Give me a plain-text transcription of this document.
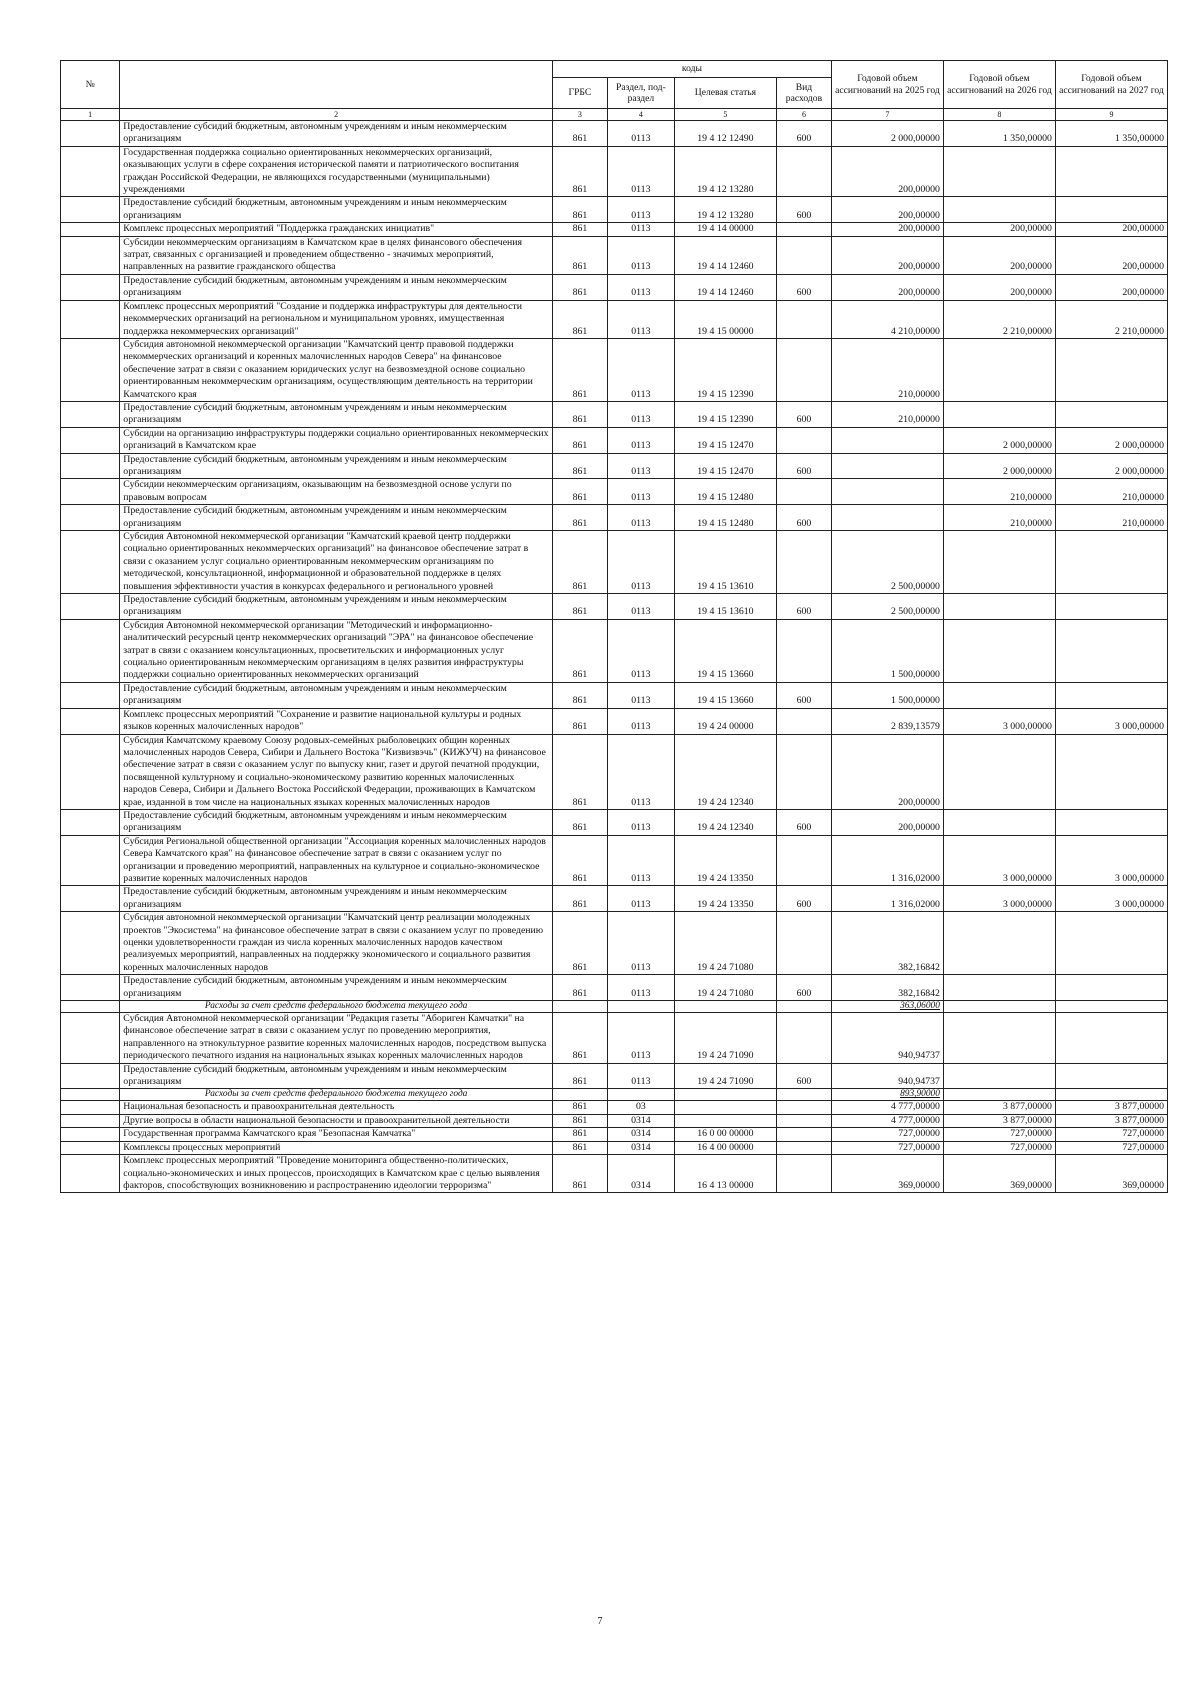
№		коды				Годовой объем ассигнований на 2025 год	Годовой объем ассигнований на 2026 год	Годовой объем ассигнований на 2027 год
		ГРБС	Раздел, под-раздел	Целевая статья	Вид расходов			
1	2	3	4	5	6	7	8	9
	Предоставление субсидий бюджетным, автономным учреждениям и иным некоммерческим организациям	861	0113	19 4 12 12490	600	2 000,00000	1 350,00000	1 350,00000
	Государственная поддержка социально ориентированных некоммерческих организаций, оказывающих услуги в сфере сохранения исторической памяти и патриотического воспитания граждан Российской Федерации, не являющихся государственными (муниципальными) учреждениями	861	0113	19 4 12 13280		200,00000		
	Предоставление субсидий бюджетным, автономным учреждениям и иным некоммерческим организациям	861	0113	19 4 12 13280	600	200,00000		
	Комплекс процессных мероприятий "Поддержка гражданских инициатив"	861	0113	19 4 14 00000		200,00000	200,00000	200,00000
	Субсидии некоммерческим организациям в Камчатском крае в целях финансового обеспечения затрат, связанных с организацией и проведением общественно - значимых мероприятий, направленных на развитие гражданского общества	861	0113	19 4 14 12460		200,00000	200,00000	200,00000
	Предоставление субсидий бюджетным, автономным учреждениям и иным некоммерческим организациям	861	0113	19 4 14 12460	600	200,00000	200,00000	200,00000
	Комплекс процессных мероприятий "Создание и поддержка инфраструктуры для деятельности некоммерческих организаций на региональном и муниципальном уровнях, имущественная поддержка некоммерческих организаций"	861	0113	19 4 15 00000		4 210,00000	2 210,00000	2 210,00000
	Субсидия автономной некоммерческой организации "Камчатский центр правовой поддержки некоммерческих организаций и коренных малочисленных народов Севера" на финансовое обеспечение затрат в связи с оказанием юридических услуг на безвозмездной основе социально ориентированным некоммерческим организациям, осуществляющим деятельность на территории Камчатского края	861	0113	19 4 15 12390		210,00000		
	Предоставление субсидий бюджетным, автономным учреждениям и иным некоммерческим организациям	861	0113	19 4 15 12390	600	210,00000		
	Субсидии на организацию инфраструктуры поддержки социально ориентированных некоммерческих организаций в Камчатском крае	861	0113	19 4 15 12470			2 000,00000	2 000,00000
	Предоставление субсидий бюджетным, автономным учреждениям и иным некоммерческим организациям	861	0113	19 4 15 12470	600		2 000,00000	2 000,00000
	Субсидии некоммерческим организациям, оказывающим на безвозмездной основе услуги по правовым вопросам	861	0113	19 4 15 12480			210,00000	210,00000
	Предоставление субсидий бюджетным, автономным учреждениям и иным некоммерческим организациям	861	0113	19 4 15 12480	600		210,00000	210,00000
	Субсидия Автономной некоммерческой организации "Камчатский краевой центр поддержки социально ориентированных некоммерческих организаций" на финансовое обеспечение затрат в связи с оказанием услуг социально ориентированным некоммерческим организациям по методической, консультационной, информационной и образовательной поддержке в целях повышения эффективности участия в конкурсах федерального и регионального уровней	861	0113	19 4 15 13610		2 500,00000		
	Предоставление субсидий бюджетным, автономным учреждениям и иным некоммерческим организациям	861	0113	19 4 15 13610	600	2 500,00000		
	Субсидия Автономной некоммерческой организации "Методический и информационно-аналитический ресурсный центр некоммерческих организаций "ЭРА" на финансовое обеспечение затрат в связи с оказанием консультационных, просветительских и информационных услуг социально ориентированным некоммерческим организациям в целях развития инфраструктуры поддержки социально ориентированных некоммерческих организаций	861	0113	19 4 15 13660		1 500,00000		
	Предоставление субсидий бюджетным, автономным учреждениям и иным некоммерческим организациям	861	0113	19 4 15 13660	600	1 500,00000		
	Комплекс процессных мероприятий "Сохранение и развитие национальной культуры и родных языков коренных малочисленных народов"	861	0113	19 4 24 00000		2 839,13579	3 000,00000	3 000,00000
	Субсидия Камчатскому краевому Союзу родовых-семейных рыболовецких общин коренных малочисленных народов Севера, Сибири и Дальнего Востока "Кизвизвэчь" (КИЖУЧ) на финансовое обеспечение затрат в связи с оказанием услуг по выпуску книг, газет и другой печатной продукции, посвященной культурному и социально-экономическому развитию коренных малочисленных народов Севера, Сибири и Дальнего Востока Российской Федерации, проживающих в Камчатском крае, изданной в том числе на национальных языках коренных малочисленных народов	861	0113	19 4 24 12340		200,00000		
	Предоставление субсидий бюджетным, автономным учреждениям и иным некоммерческим организациям	861	0113	19 4 24 12340	600	200,00000		
	Субсидия Региональной общественной организации "Ассоциация коренных малочисленных народов Севера Камчатского края" на финансовое обеспечение затрат в связи с оказанием услуг по организации и проведению мероприятий, направленных на культурное и социально-экономическое развитие коренных малочисленных народов	861	0113	19 4 24 13350		1 316,02000	3 000,00000	3 000,00000
	Предоставление субсидий бюджетным, автономным учреждениям и иным некоммерческим организациям	861	0113	19 4 24 13350	600	1 316,02000	3 000,00000	3 000,00000
	Субсидия автономной некоммерческой организации "Камчатский центр реализации молодежных проектов "Экосистема" на финансовое обеспечение затрат в связи с оказанием услуг по проведению оценки удовлетворенности граждан из числа коренных малочисленных народов качеством реализуемых мероприятий, направленных на поддержку экономического и социального развития коренных малочисленных народов	861	0113	19 4 24 71080		382,16842		
	Предоставление субсидий бюджетным, автономным учреждениям и иным некоммерческим организациям	861	0113	19 4 24 71080	600	382,16842		
	Расходы за счет средств федерального бюджета текущего года					363,06000		
	Субсидия Автономной некоммерческой организации "Редакция газеты "Абориген Камчатки" на финансовое обеспечение затрат в связи с оказанием услуг по проведению мероприятия, направленного на этнокультурное развитие коренных малочисленных народов, посредством выпуска периодического печатного издания на национальных языках коренных малочисленных народов	861	0113	19 4 24 71090		940,94737		
	Предоставление субсидий бюджетным, автономным учреждениям и иным некоммерческим организациям	861	0113	19 4 24 71090	600	940,94737		
	Расходы за счет средств федерального бюджета текущего года					893,90000		
	Национальная безопасность и правоохранительная деятельность	861	03			4 777,00000	3 877,00000	3 877,00000
	Другие вопросы в области национальной безопасности и правоохранительной деятельности	861	0314			4 777,00000	3 877,00000	3 877,00000
	Государственная программа Камчатского края "Безопасная Камчатка"	861	0314	16 0 00 00000		727,00000	727,00000	727,00000
	Комплексы процессных мероприятий	861	0314	16 4 00 00000		727,00000	727,00000	727,00000
	Комплекс процессных мероприятий "Проведение мониторинга общественно-политических, социально-экономических и иных процессов, происходящих в Камчатском крае с целью выявления факторов, способствующих возникновению и распространению идеологии терроризма"	861	0314	16 4 13 00000		369,00000	369,00000	369,00000
7
